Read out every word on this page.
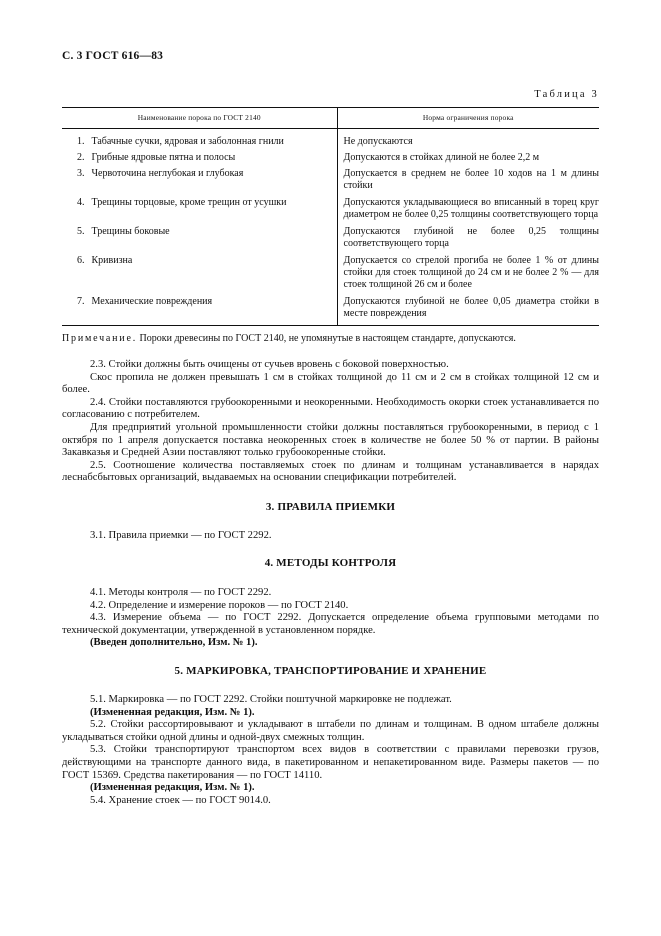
С. 3 ГОСТ 616—83
Таблица 3
Наименование порока по ГОСТ 2140	Норма ограничения порока
1. Табачные сучки, ядровая и заболонная гнили	Не допускаются
2. Грибные ядровые пятна и полосы	Допускаются в стойках длиной не более 2,2 м
3. Червоточина неглубокая и глубокая	Допускается в среднем не более 10 ходов на 1 м длины стойки
4. Трещины торцовые, кроме трещин от усушки	Допускаются укладывающиеся во вписанный в торец круг диаметром не более 0,25 толщины соответствующего торца
5. Трещины боковые	Допускаются глубиной не более 0,25 толщины соответствующего торца
6. Кривизна	Допускается со стрелой прогиба не более 1 % от длины стойки для стоек толщиной до 24 см и не более 2 % — для стоек толщиной 26 см и более
7. Механические повреждения	Допускаются глубиной не более 0,05 диаметра стойки в месте повреждения
Примечание. Пороки древесины по ГОСТ 2140, не упомянутые в настоящем стандарте, допускаются.

2.3. Стойки должны быть очищены от сучьев вровень с боковой поверхностью.

Скос пропила не должен превышать 1 см в стойках толщиной до 11 см и 2 см в стойках толщиной 12 см и более.

2.4. Стойки поставляются грубоокоренными и неокоренными. Необходимость окорки стоек устанавливается по согласованию с потребителем.

Для предприятий угольной промышленности стойки должны поставляться грубоокоренными, в период с 1 октября по 1 апреля допускается поставка неокоренных стоек в количестве не более 50 % от партии. В районы Закавказья и Средней Азии поставляют только грубоокоренные стойки.

2.5. Соотношение количества поставляемых стоек по длинам и толщинам устанавливается в нарядах леснабсбытовых организаций, выдаваемых на основании спецификации потребителей.

3. ПРАВИЛА ПРИЕМКИ

3.1. Правила приемки — по ГОСТ 2292.

4. МЕТОДЫ КОНТРОЛЯ

4.1. Методы контроля — по ГОСТ 2292.

4.2. Определение и измерение пороков — по ГОСТ 2140.

4.3. Измерение объема — по ГОСТ 2292. Допускается определение объема групповыми методами по технической документации, утвержденной в установленном порядке.

(Введен дополнительно, Изм. № 1).

5. МАРКИРОВКА, ТРАНСПОРТИРОВАНИЕ И ХРАНЕНИЕ

5.1. Маркировка — по ГОСТ 2292. Стойки поштучной маркировке не подлежат.

(Измененная редакция, Изм. № 1).

5.2. Стойки рассортировывают и укладывают в штабели по длинам и толщинам. В одном штабеле должны укладываться стойки одной длины и одной-двух смежных толщин.

5.3. Стойки транспортируют транспортом всех видов в соответствии с правилами перевозки грузов, действующими на транспорте данного вида, в пакетированном и непакетированном виде. Размеры пакетов — по ГОСТ 15369. Средства пакетирования — по ГОСТ 14110.

(Измененная редакция, Изм. № 1).

5.4. Хранение стоек — по ГОСТ 9014.0.
